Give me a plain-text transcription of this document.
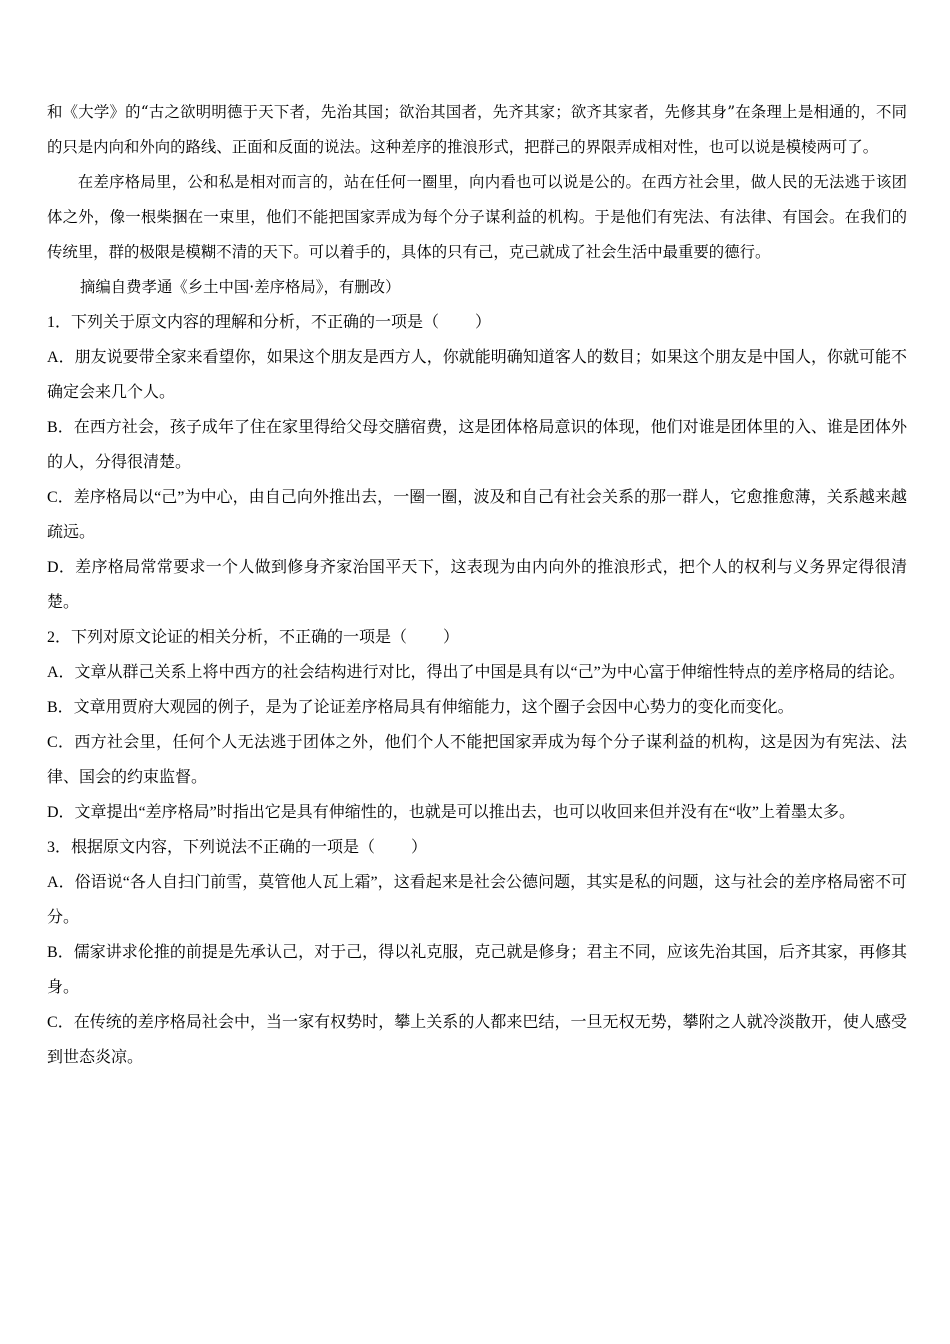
和《大学》的“古之欲明明德于天下者，先治其国；欲治其国者，先齐其家；欲齐其家者，先修其身”在条理上是相通的，不同的只是内向和外向的路线、正面和反面的说法。这种差序的推浪形式，把群己的界限弄成相对性，也可以说是模棱两可了。

在差序格局里，公和私是相对而言的，站在任何一圈里，向内看也可以说是公的。在西方社会里，做人民的无法逃于该团体之外，像一根柴捆在一束里，他们不能把国家弄成为每个分子谋利益的机构。于是他们有宪法、有法律、有国会。在我们的传统里，群的极限是模糊不清的天下。可以着手的，具体的只有己，克己就成了社会生活中最重要的德行。

摘编自费孝通《乡土中国·差序格局》，有删改）

1．下列关于原文内容的理解和分析，不正确的一项是（ ）

A．朋友说要带全家来看望你，如果这个朋友是西方人，你就能明确知道客人的数目；如果这个朋友是中国人，你就可能不确定会来几个人。

B．在西方社会，孩子成年了住在家里得给父母交膳宿费，这是团体格局意识的体现，他们对谁是团体里的入、谁是团体外的人，分得很清楚。

C．差序格局以“己”为中心，由自己向外推出去，一圈一圈，波及和自己有社会关系的那一群人，它愈推愈薄，关系越来越疏远。

D．差序格局常常要求一个人做到修身齐家治国平天下，这表现为由内向外的推浪形式，把个人的权利与义务界定得很清楚。

2．下列对原文论证的相关分析，不正确的一项是（ ）

A．文章从群己关系上将中西方的社会结构进行对比，得出了中国是具有以“己”为中心富于伸缩性特点的差序格局的结论。

B．文章用贾府大观园的例子，是为了论证差序格局具有伸缩能力，这个圈子会因中心势力的变化而变化。

C．西方社会里，任何个人无法逃于团体之外，他们个人不能把国家弄成为每个分子谋利益的机构，这是因为有宪法、法律、国会的约束监督。

D．文章提出“差序格局”时指出它是具有伸缩性的，也就是可以推出去，也可以收回来但并没有在“收”上着墨太多。

3．根据原文内容，下列说法不正确的一项是（ ）

A．俗语说“各人自扫门前雪，莫管他人瓦上霜”，这看起来是社会公德问题，其实是私的问题，这与社会的差序格局密不可分。

B．儒家讲求伦推的前提是先承认己，对于己，得以礼克服，克己就是修身；君主不同，应该先治其国，后齐其家，再修其身。

C．在传统的差序格局社会中，当一家有权势时，攀上关系的人都来巴结，一旦无权无势，攀附之人就冷淡散开，使人感受到世态炎凉。
